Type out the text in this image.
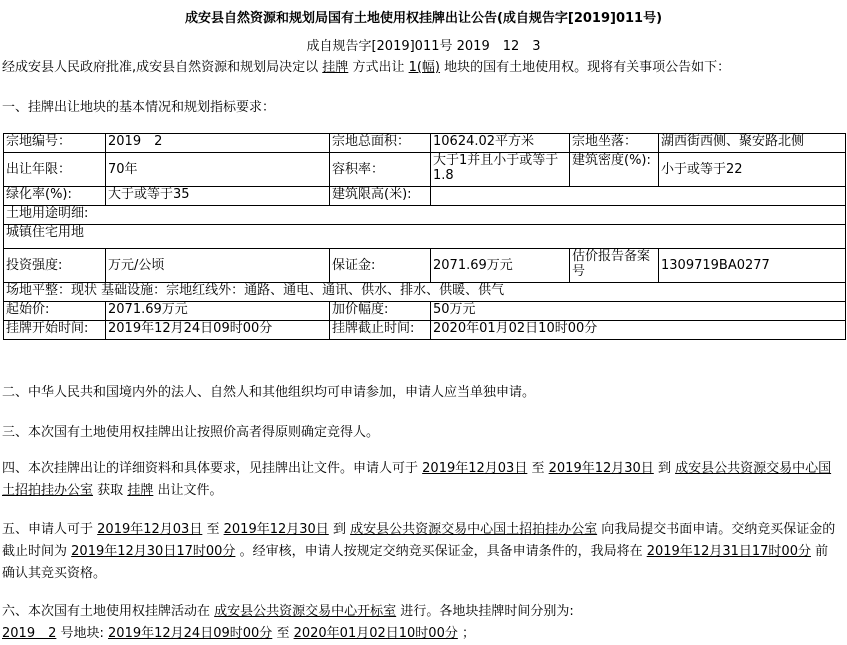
成安县自然资源和规划局国有土地使用权挂牌出让公告(成自规告字[2019]011号)
成自规告字[2019]011号 2019　12　3
经成安县人民政府批准,成安县自然资源和规划局决定以 挂牌 方式出让 1(幅) 地块的国有土地使用权。现将有关事项公告如下：
一、挂牌出让地块的基本情况和规划指标要求：
宗地编号：	2019　2	宗地总面积：	10624.02平方米	宗地坐落：	湖西街西侧、聚安路北侧
出让年限：	70年	容积率：	大于1并且小于或等于1.8	建筑密度(%):	小于或等于22
绿化率(%):	大于或等于35	建筑限高(米):			
土地用途明细:					
城镇住宅用地					
投资强度:	万元/公顷	保证金:	2071.69万元	估价报告备案号	1309719BA0277
场地平整：现状 基础设施：宗地红线外：通路、通电、通讯、供水、排水、供暖、供气					
起始价:	2071.69万元	加价幅度:	50万元		
挂牌开始时间:	2019年12月24日09时00分	挂牌截止时间:	2020年01月02日10时00分		
二、中华人民共和国境内外的法人、自然人和其他组织均可申请参加，申请人应当单独申请。
三、本次国有土地使用权挂牌出让按照价高者得原则确定竞得人。
四、本次挂牌出让的详细资料和具体要求，见挂牌出让文件。申请人可于 2019年12月03日 至 2019年12月30日 到 成安县公共资源交易中心国土招拍挂办公室 获取 挂牌 出让文件。
五、申请人可于 2019年12月03日 至 2019年12月30日 到 成安县公共资源交易中心国土招拍挂办公室 向我局提交书面申请。交纳竞买保证金的截止时间为 2019年12月30日17时00分 。经审核，申请人按规定交纳竞买保证金，具备申请条件的，我局将在 2019年12月31日17时00分 前确认其竞买资格。
六、本次国有土地使用权挂牌活动在 成安县公共资源交易中心开标室 进行。各地块挂牌时间分别为:
2019　2 号地块: 2019年12月24日09时00分 至 2020年01月02日10时00分 ；
